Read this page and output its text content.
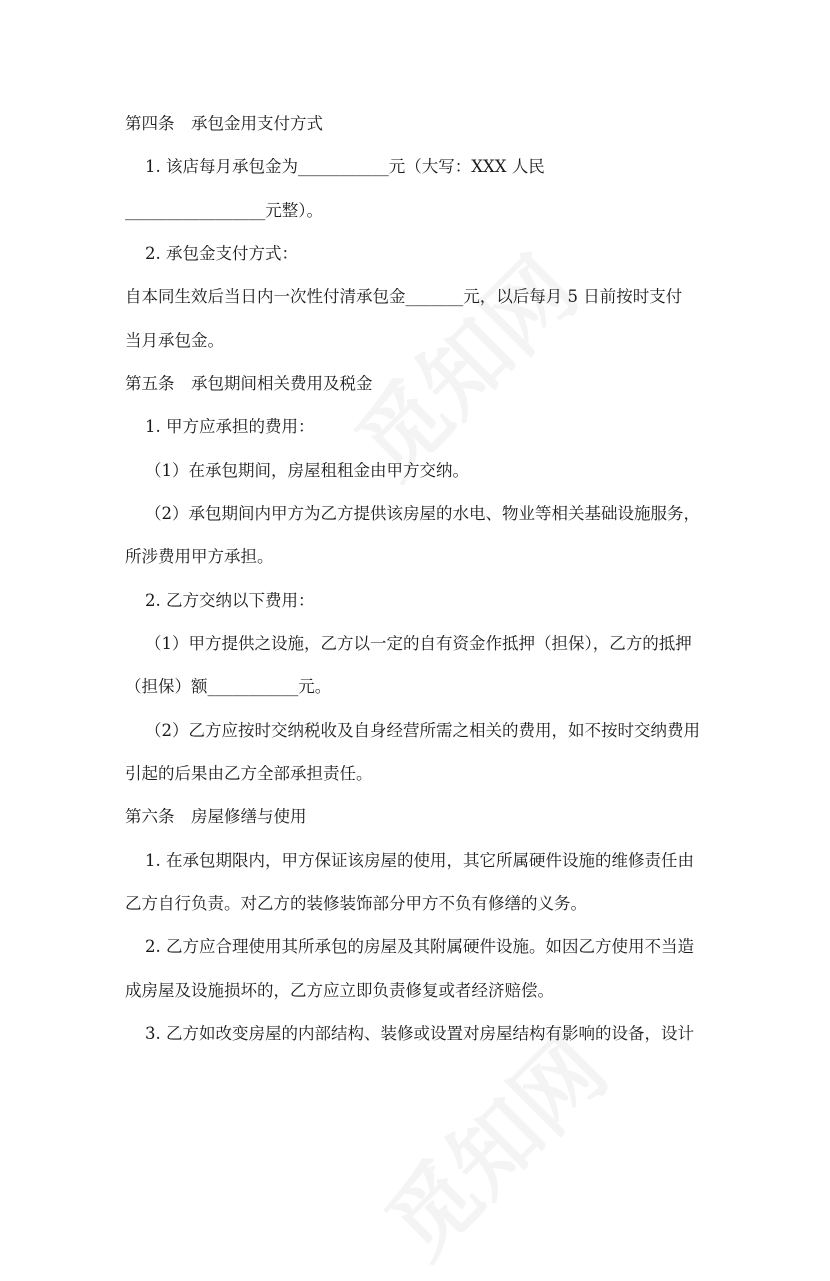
第四条　承包金用支付方式
1. 该店每月承包金为___________元（大写：XXX 人民
_________________元整）。
2. 承包金支付方式：
自本同生效后当日内一次性付清承包金_______元，以后每月 5 日前按时支付
当月承包金。
第五条　承包期间相关费用及税金
1. 甲方应承担的费用：
（1）在承包期间，房屋租租金由甲方交纳。
（2）承包期间内甲方为乙方提供该房屋的水电、物业等相关基础设施服务，
所涉费用甲方承担。
2. 乙方交纳以下费用：
（1）甲方提供之设施，乙方以一定的自有资金作抵押（担保），乙方的抵押
（担保）额___________元。
（2）乙方应按时交纳税收及自身经营所需之相关的费用，如不按时交纳费用
引起的后果由乙方全部承担责任。
第六条　房屋修缮与使用
1. 在承包期限内，甲方保证该房屋的使用，其它所属硬件设施的维修责任由
乙方自行负责。对乙方的装修装饰部分甲方不负有修缮的义务。
2. 乙方应合理使用其所承包的房屋及其附属硬件设施。如因乙方使用不当造
成房屋及设施损坏的，乙方应立即负责修复或者经济赔偿。
3. 乙方如改变房屋的内部结构、装修或设置对房屋结构有影响的设备，设计
